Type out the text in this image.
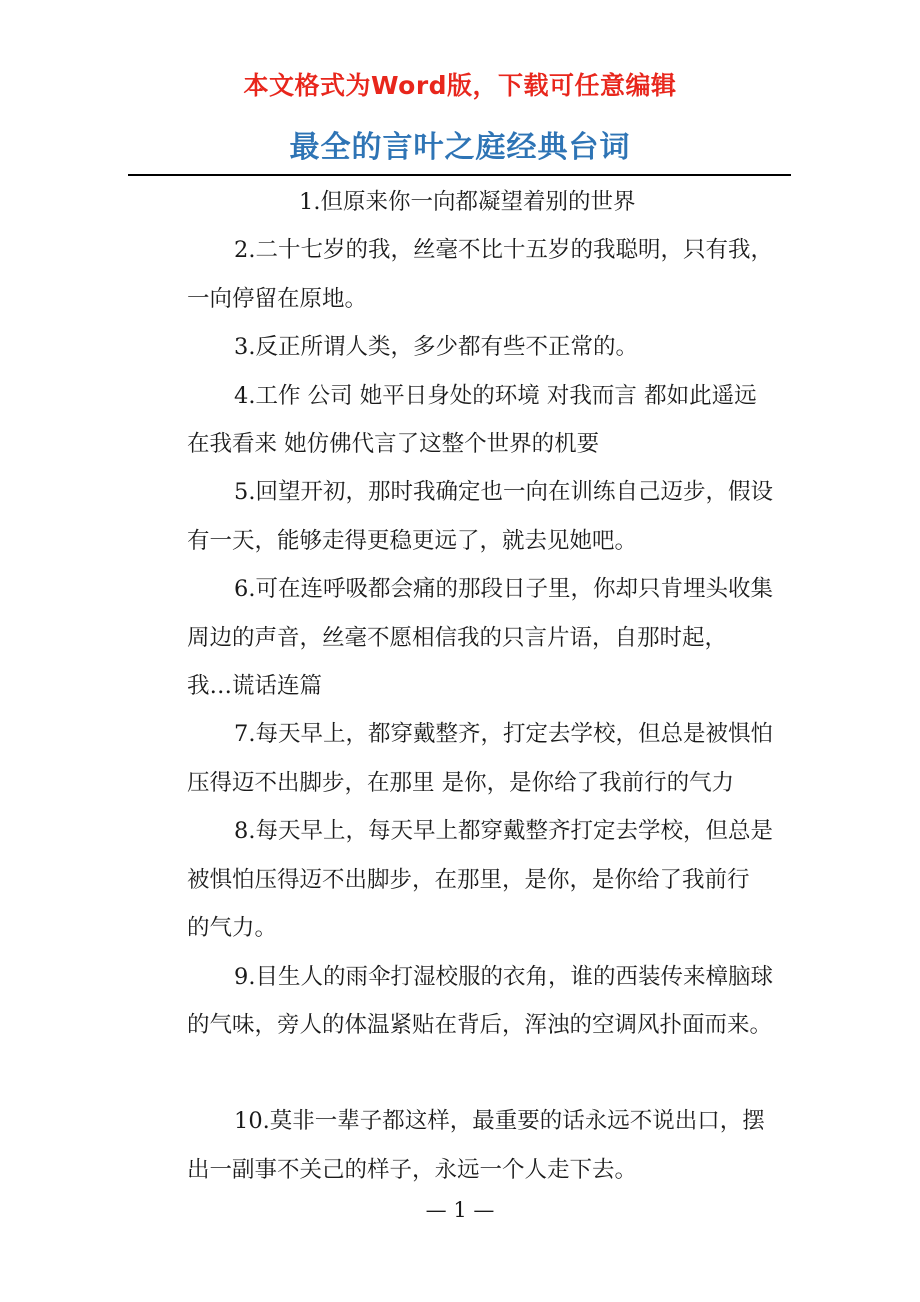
本文格式为Word版，下载可任意编辑
最全的言叶之庭经典台词
1.但原来你一向都凝望着别的世界
2.二十七岁的我，丝毫不比十五岁的我聪明，只有我，
一向停留在原地。
3.反正所谓人类，多少都有些不正常的。
4.工作 公司 她平日身处的环境 对我而言 都如此遥远
在我看来 她仿佛代言了这整个世界的机要
5.回望开初，那时我确定也一向在训练自己迈步，假设
有一天，能够走得更稳更远了，就去见她吧。
6.可在连呼吸都会痛的那段日子里，你却只肯埋头收集
周边的声音，丝毫不愿相信我的只言片语，自那时起，
我…谎话连篇
7.每天早上，都穿戴整齐，打定去学校，但总是被惧怕
压得迈不出脚步，在那里 是你，是你给了我前行的气力
8.每天早上，每天早上都穿戴整齐打定去学校，但总是
被惧怕压得迈不出脚步，在那里，是你，是你给了我前行
的气力。
9.目生人的雨伞打湿校服的衣角，谁的西装传来樟脑球
的气味，旁人的体温紧贴在背后，浑浊的空调风扑面而来。
10.莫非一辈子都这样，最重要的话永远不说出口，摆
出一副事不关己的样子，永远一个人走下去。
— 1 —
